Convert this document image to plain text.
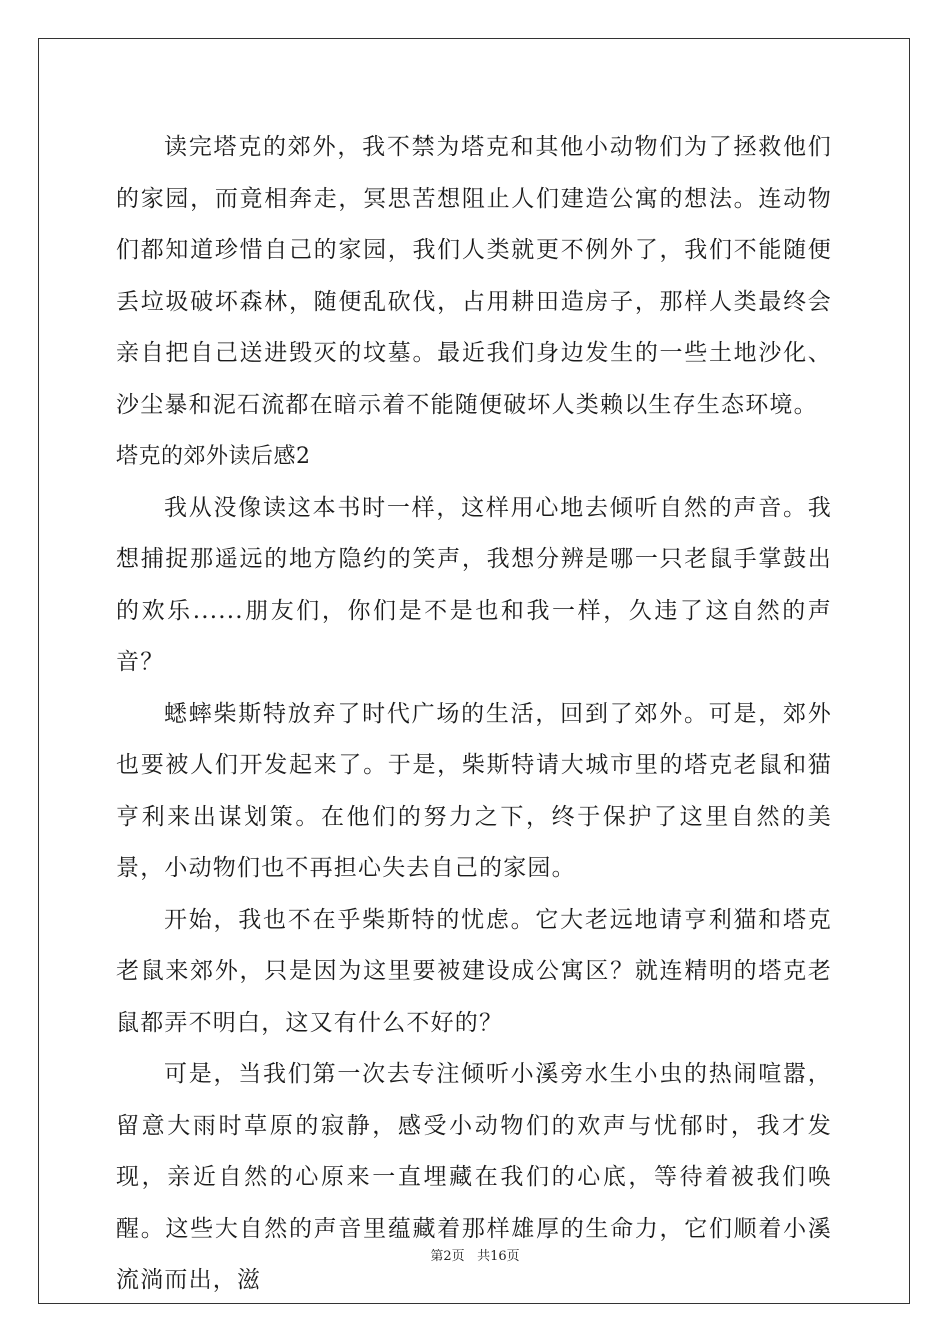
读完塔克的郊外，我不禁为塔克和其他小动物们为了拯救他们的家园，而竟相奔走，冥思苦想阻止人们建造公寓的想法。连动物们都知道珍惜自己的家园，我们人类就更不例外了，我们不能随便丢垃圾破坏森林，随便乱砍伐，占用耕田造房子，那样人类最终会亲自把自己送进毁灭的坟墓。最近我们身边发生的一些土地沙化、沙尘暴和泥石流都在暗示着不能随便破坏人类赖以生存生态环境。

塔克的郊外读后感2

我从没像读这本书时一样，这样用心地去倾听自然的声音。我想捕捉那遥远的地方隐约的笑声，我想分辨是哪一只老鼠手掌鼓出的欢乐......朋友们，你们是不是也和我一样，久违了这自然的声音？

蟋蟀柴斯特放弃了时代广场的生活，回到了郊外。可是，郊外也要被人们开发起来了。于是，柴斯特请大城市里的塔克老鼠和猫亨利来出谋划策。在他们的努力之下，终于保护了这里自然的美景，小动物们也不再担心失去自己的家园。

开始，我也不在乎柴斯特的忧虑。它大老远地请亨利猫和塔克老鼠来郊外，只是因为这里要被建设成公寓区？就连精明的塔克老鼠都弄不明白，这又有什么不好的？

可是，当我们第一次去专注倾听小溪旁水生小虫的热闹喧嚣，留意大雨时草原的寂静，感受小动物们的欢声与忧郁时，我才发现，亲近自然的心原来一直埋藏在我们的心底，等待着被我们唤醒。这些大自然的声音里蕴藏着那样雄厚的生命力，它们顺着小溪流淌而出，滋

第2页 共16页
